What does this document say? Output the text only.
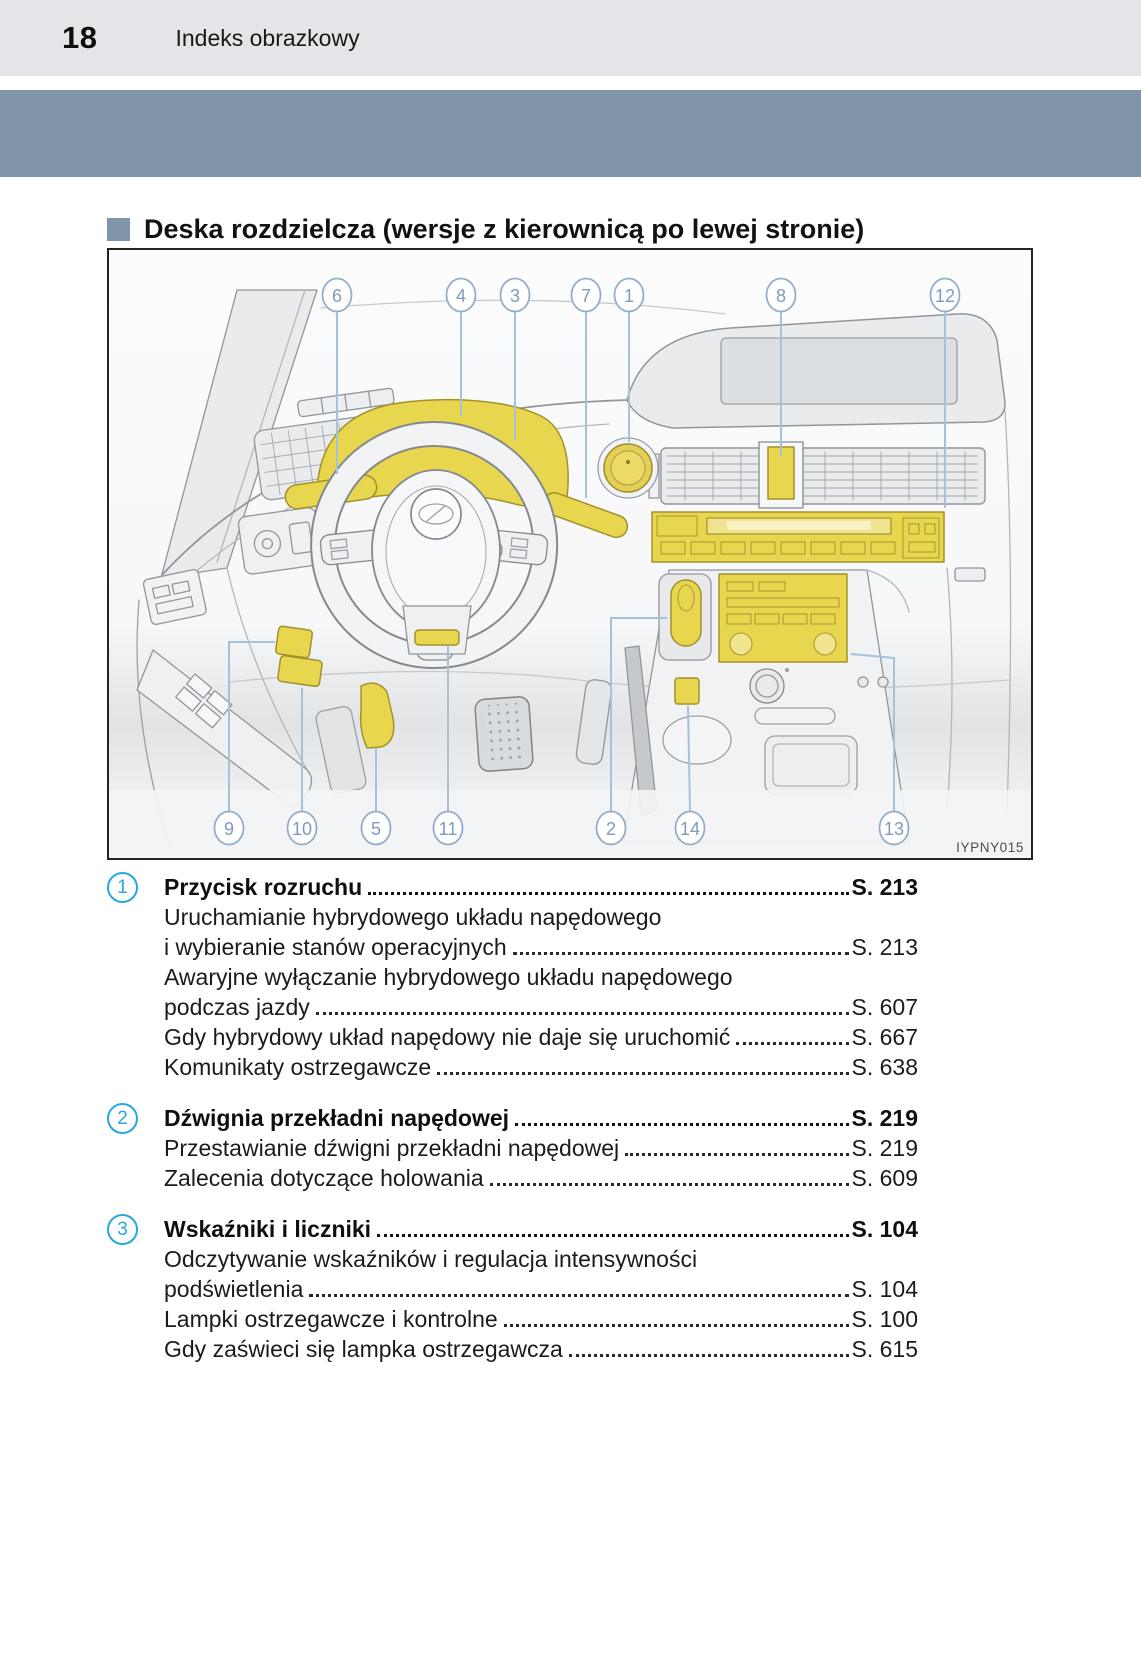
18	Indeks obrazkowy
Deska rozdzielcza (wersje z kierownicą po lewej stronie)
6	4 3	7 1	8	12
9	10	5	11	2	14	13
IYPNY015
1	Przycisk rozruchu	S. 213
Uruchamianie hybrydowego układu napędowego
i wybieranie stanów operacyjnych	S. 213
Awaryjne wyłączanie hybrydowego układu napędowego
podczas jazdy	S. 607
Gdy hybrydowy układ napędowy nie daje się uruchomić	S. 667
Komunikaty ostrzegawcze	S. 638
2	Dźwignia przekładni napędowej	S. 219
Przestawianie dźwigni przekładni napędowej	S. 219
Zalecenia dotyczące holowania	S. 609
3	Wskaźniki i liczniki	S. 104
Odczytywanie wskaźników i regulacja intensywności
podświetlenia	S. 104
Lampki ostrzegawcze i kontrolne	S. 100
Gdy zaświeci się lampka ostrzegawcza	S. 615
